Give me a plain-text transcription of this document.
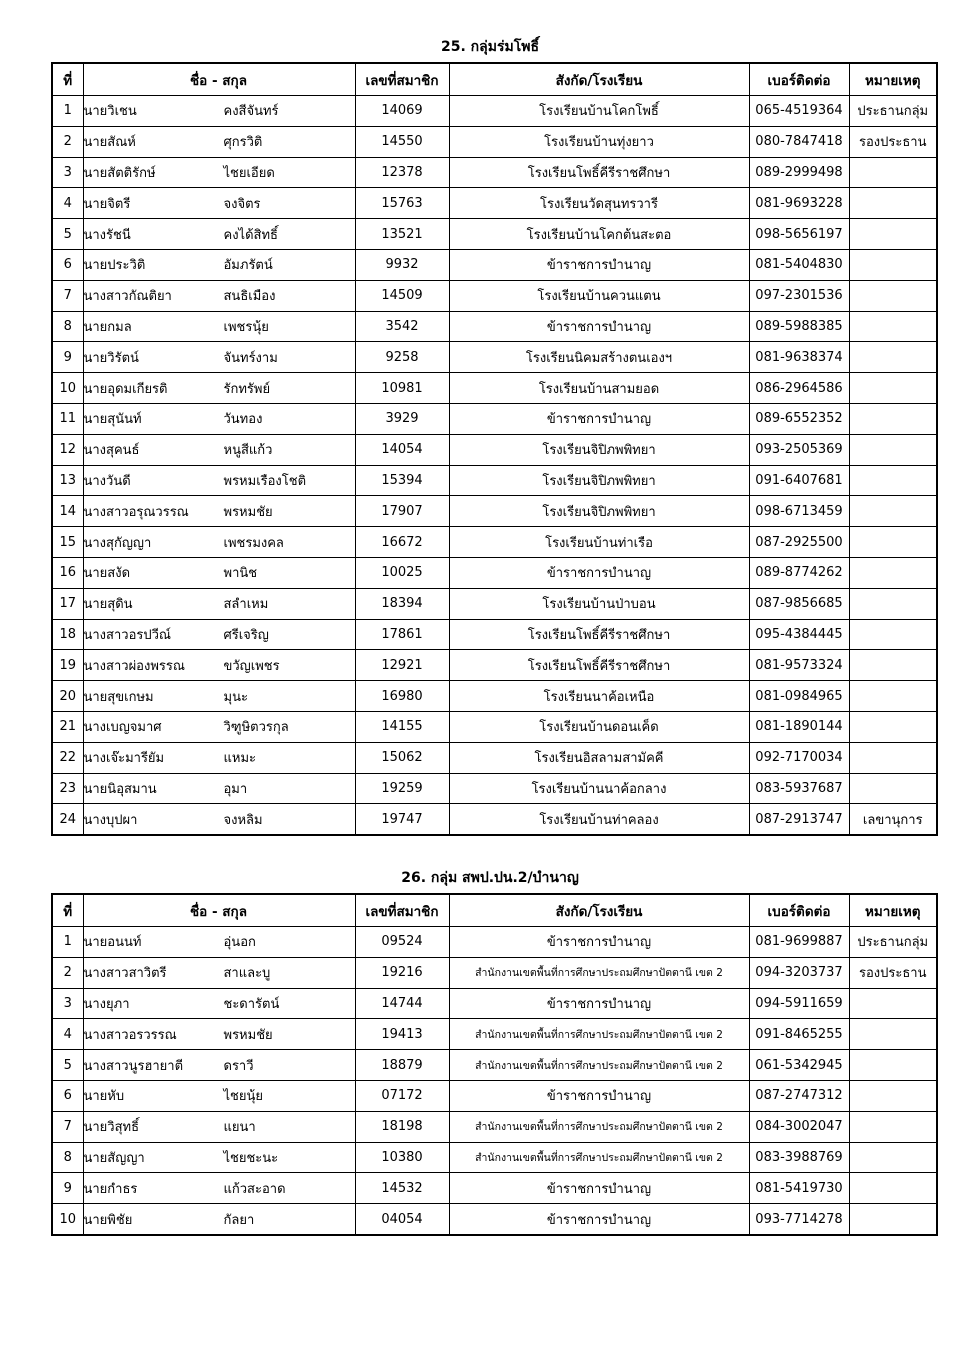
25. กลุ่มร่มโพธิ์
ที่	ชื่อ - สกุล	เลขที่สมาชิก	สังกัด/โรงเรียน	เบอร์ติดต่อ	หมายเหตุ
1	นายวิเชน คงสีจันทร์	14069	โรงเรียนบ้านโคกโพธิ์	065-4519364	ประธานกลุ่ม
2	นายสัณห์ ศุกรวิติ	14550	โรงเรียนบ้านทุ่งยาว	080-7847418	รองประธาน
3	นายสัตติรักษ์ ไชยเอียด	12378	โรงเรียนโพธิ์คีรีราชศึกษา	089-2999498	
4	นายจิตรี จงจิตร	15763	โรงเรียนวัดสุนทรวารี	081-9693228	
5	นางรัชนี คงได้สิทธิ์	13521	โรงเรียนบ้านโคกต้นสะตอ	098-5656197	
6	นายประวิติ อัมภรัตน์	9932	ข้าราชการบำนาญ	081-5404830	
7	นางสาวกัณติยา สนธิเมือง	14509	โรงเรียนบ้านควนแตน	097-2301536	
8	นายกมล เพชรนุ้ย	3542	ข้าราชการบำนาญ	089-5988385	
9	นายวิรัตน์ จันทร์งาม	9258	โรงเรียนนิคมสร้างตนเองฯ	081-9638374	
10	นายอุดมเกียรติ รักทรัพย์	10981	โรงเรียนบ้านสามยอด	086-2964586	
11	นายสุนันท์ วันทอง	3929	ข้าราชการบำนาญ	089-6552352	
12	นางสุคนธ์ หนูสีแก้ว	14054	โรงเรียนจิปิภพพิทยา	093-2505369	
13	นางวันดี พรหมเรืองโชติ	15394	โรงเรียนจิปิภพพิทยา	091-6407681	
14	นางสาวอรุณวรรณ พรหมชัย	17907	โรงเรียนจิปิภพพิทยา	098-6713459	
15	นางสุกัญญา เพชรมงคล	16672	โรงเรียนบ้านท่าเรือ	087-2925500	
16	นายสงัด พานิช	10025	ข้าราชการบำนาญ	089-8774262	
17	นายสุดิน สลำเหม	18394	โรงเรียนบ้านป่าบอน	087-9856685	
18	นางสาวอรปวีณ์ ศรีเจริญ	17861	โรงเรียนโพธิ์คีรีราชศึกษา	095-4384445	
19	นางสาวผ่องพรรณ ขวัญเพชร	12921	โรงเรียนโพธิ์คีรีราชศึกษา	081-9573324	
20	นายสุขเกษม มุนะ	16980	โรงเรียนนาค้อเหนือ	081-0984965	
21	นางเบญจมาศ วิฑูษิตวรกุล	14155	โรงเรียนบ้านดอนเค็ด	081-1890144	
22	นางเจ๊ะมารียัม แหมะ	15062	โรงเรียนอิสลามสามัคคี	092-7170034	
23	นายนิอุสมาน อุมา	19259	โรงเรียนบ้านนาค้อกลาง	083-5937687	
24	นางบุปผา จงหลิม	19747	โรงเรียนบ้านท่าคลอง	087-2913747	เลขานุการ
26. กลุ่ม สพป.ปน.2/บำนาญ
ที่	ชื่อ - สกุล	เลขที่สมาชิก	สังกัด/โรงเรียน	เบอร์ติดต่อ	หมายเหตุ
1	นายอนนท์ อุ่นอก	09524	ข้าราชการบำนาญ	081-9699887	ประธานกลุ่ม
2	นางสาวสาวิตรี สาและบู	19216	สำนักงานเขตพื้นที่การศึกษาประถมศึกษาปัตตานี เขต 2	094-3203737	รองประธาน
3	นางยุภา ชะดารัตน์	14744	ข้าราชการบำนาญ	094-5911659	
4	นางสาวอรวรรณ พรหมชัย	19413	สำนักงานเขตพื้นที่การศึกษาประถมศึกษาปัตตานี เขต 2	091-8465255	
5	นางสาวนูรฮายาตี ดราวี	18879	สำนักงานเขตพื้นที่การศึกษาประถมศึกษาปัตตานี เขต 2	061-5342945	
6	นายหับ ไชยนุ้ย	07172	ข้าราชการบำนาญ	087-2747312	
7	นายวิสุทธิ์ แยนา	18198	สำนักงานเขตพื้นที่การศึกษาประถมศึกษาปัตตานี เขต 2	084-3002047	
8	นายสัญญา ไชยชะนะ	10380	สำนักงานเขตพื้นที่การศึกษาประถมศึกษาปัตตานี เขต 2	083-3988769	
9	นายกำธร แก้วสะอาด	14532	ข้าราชการบำนาญ	081-5419730	
10	นายพิชัย กัลยา	04054	ข้าราชการบำนาญ	093-7714278	
